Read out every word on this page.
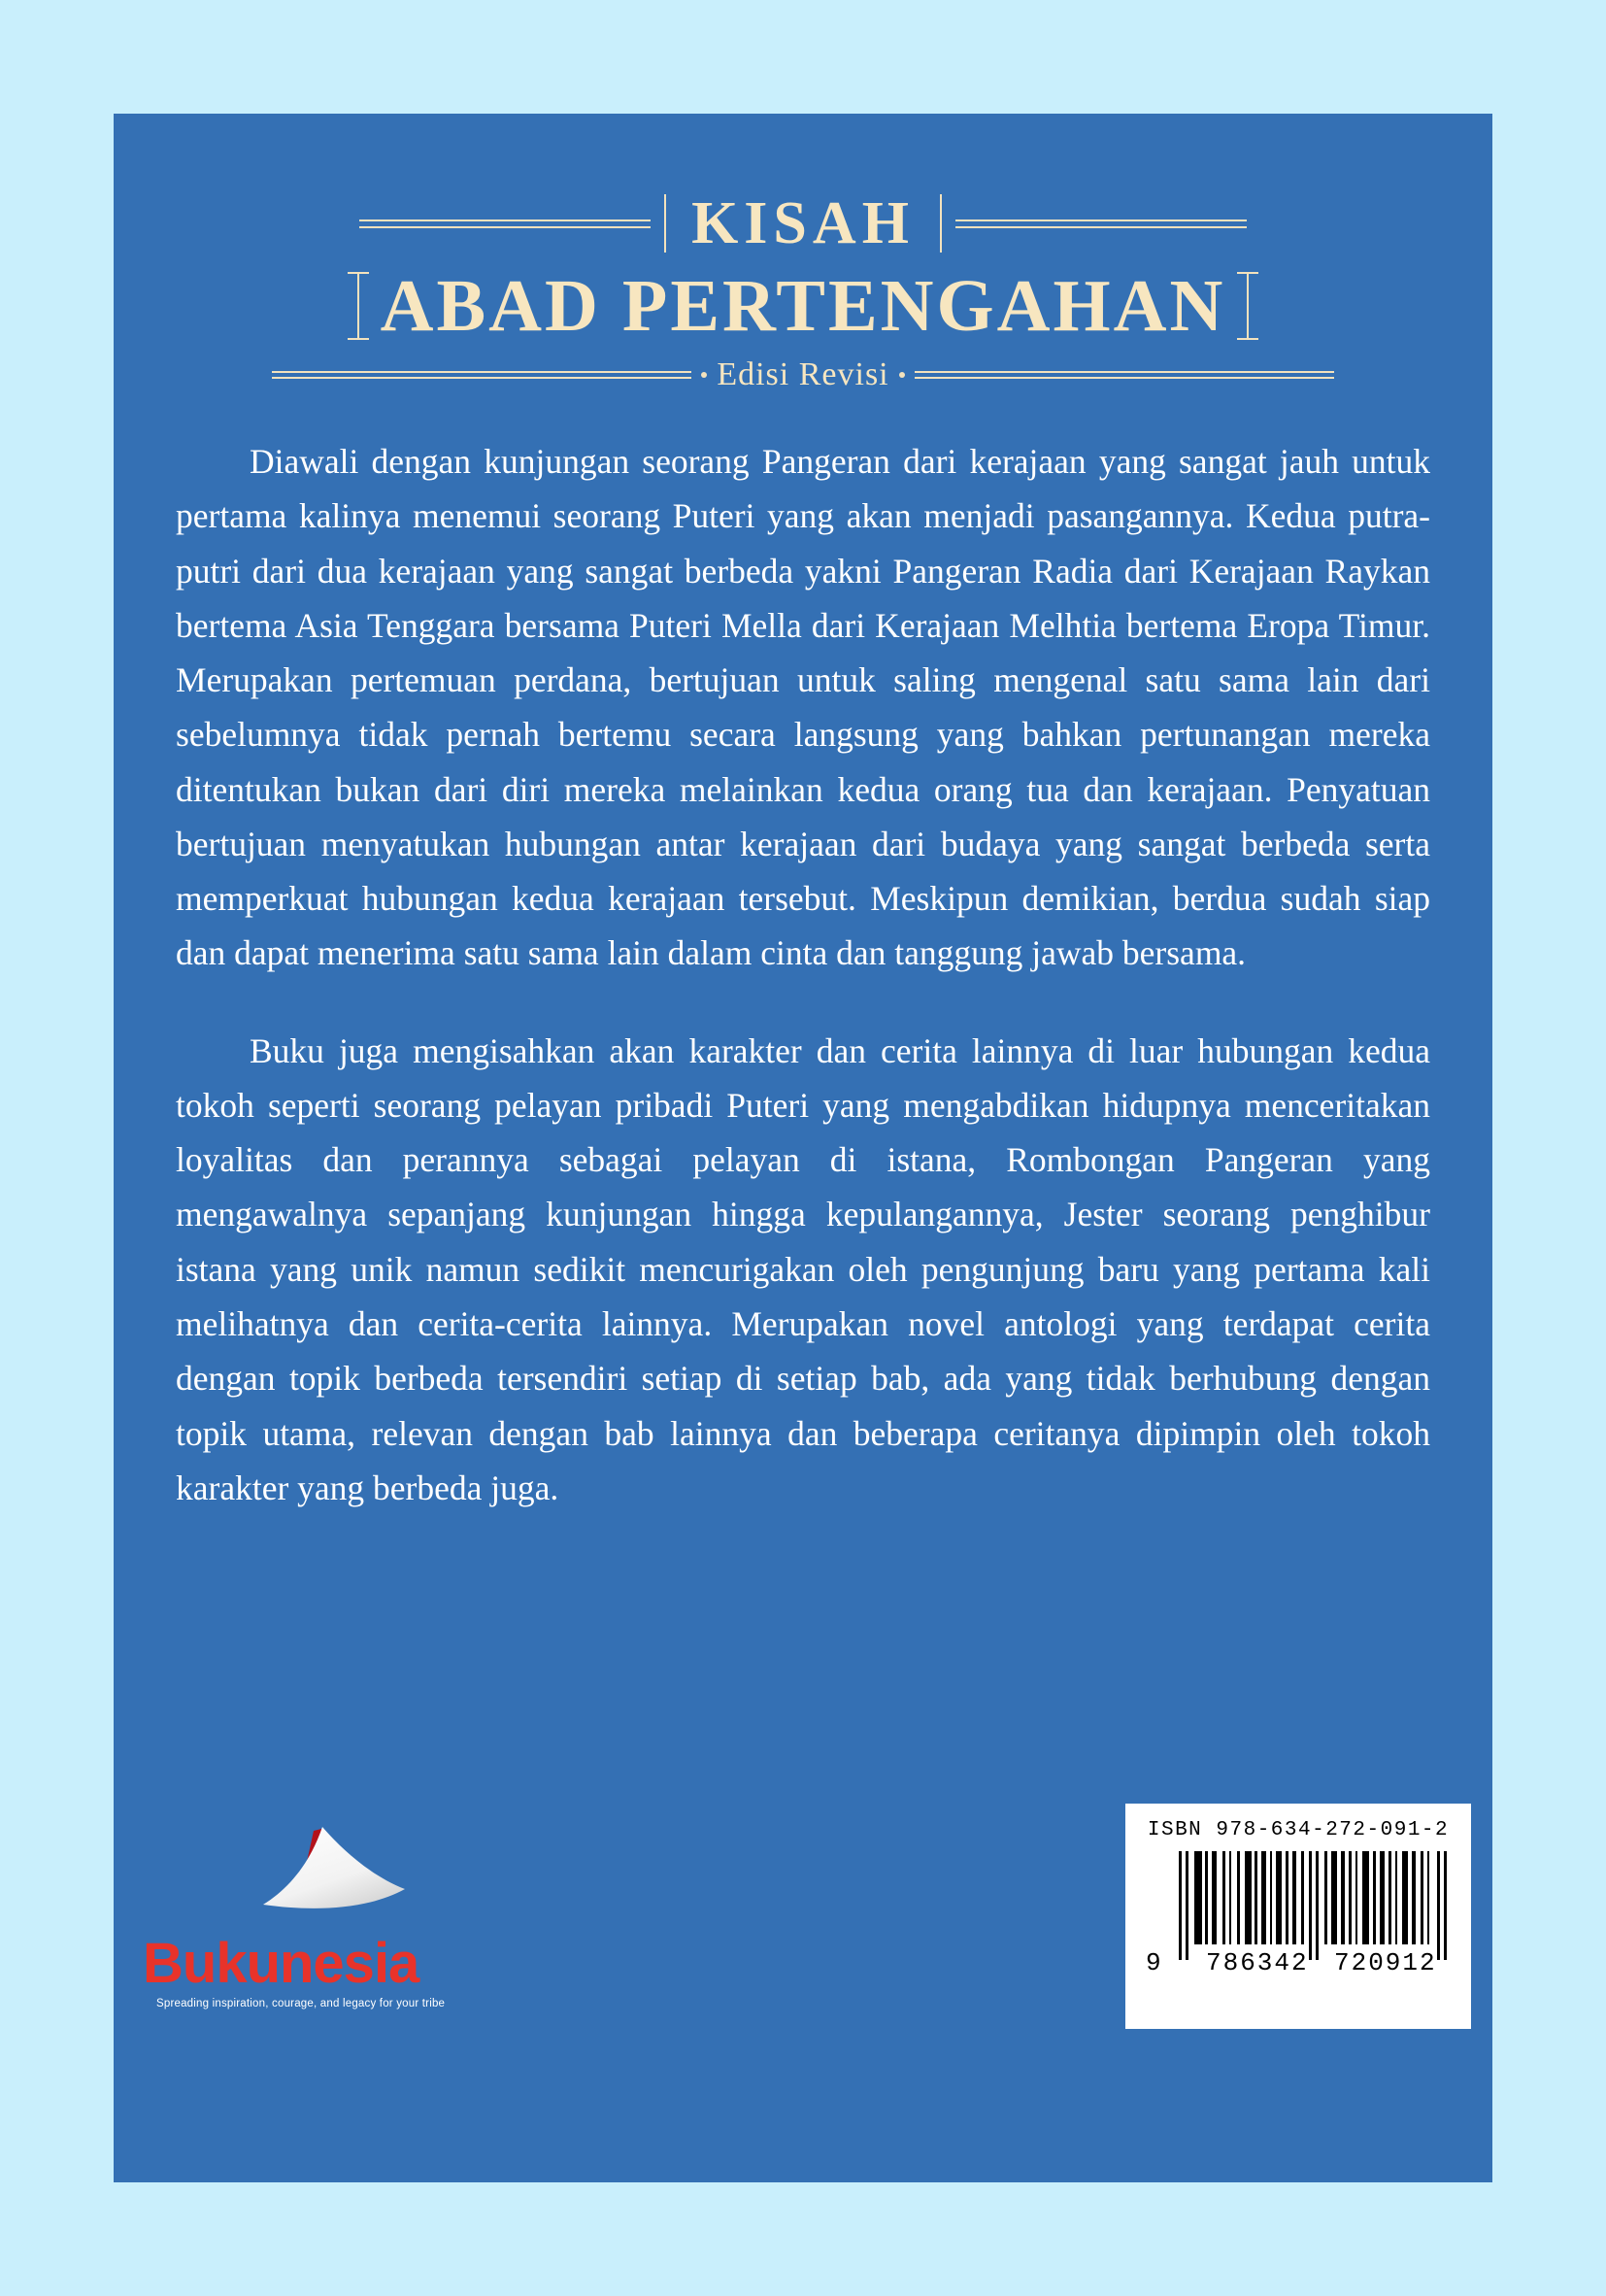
KISAH
ABAD PERTENGAHAN
Edisi Revisi

Diawali dengan kunjungan seorang Pangeran dari kerajaan yang sangat jauh untuk pertama kalinya menemui seorang Puteri yang akan menjadi pasangannya. Kedua putra-putri dari dua kerajaan yang sangat berbeda yakni Pangeran Radia dari Kerajaan Raykan bertema Asia Tenggara bersama Puteri Mella dari Kerajaan Melhtia bertema Eropa Timur. Merupakan pertemuan perdana, bertujuan untuk saling mengenal satu sama lain dari sebelumnya tidak pernah bertemu secara langsung yang bahkan pertunangan mereka ditentukan bukan dari diri mereka melainkan kedua orang tua dan kerajaan. Penyatuan bertujuan menyatukan hubungan antar kerajaan dari budaya yang sangat berbeda serta memperkuat hubungan kedua kerajaan tersebut. Meskipun demikian, berdua sudah siap dan dapat menerima satu sama lain dalam cinta dan tanggung jawab bersama.

Buku juga mengisahkan akan karakter dan cerita lainnya di luar hubungan kedua tokoh seperti seorang pelayan pribadi Puteri yang mengabdikan hidupnya menceritakan loyalitas dan perannya sebagai pelayan di istana, Rombongan Pangeran yang mengawalnya sepanjang kunjungan hingga kepulangannya, Jester seorang penghibur istana yang unik namun sedikit mencurigakan oleh pengunjung baru yang pertama kali melihatnya dan cerita-cerita lainnya. Merupakan novel antologi yang terdapat cerita dengan topik berbeda tersendiri setiap di setiap bab, ada yang tidak berhubung dengan topik utama, relevan dengan bab lainnya dan beberapa ceritanya dipimpin oleh tokoh karakter yang berbeda juga.

Bukunesia
Spreading inspiration, courage, and legacy for your tribe
ISBN 978-634-272-091-2
9 786342 720912
